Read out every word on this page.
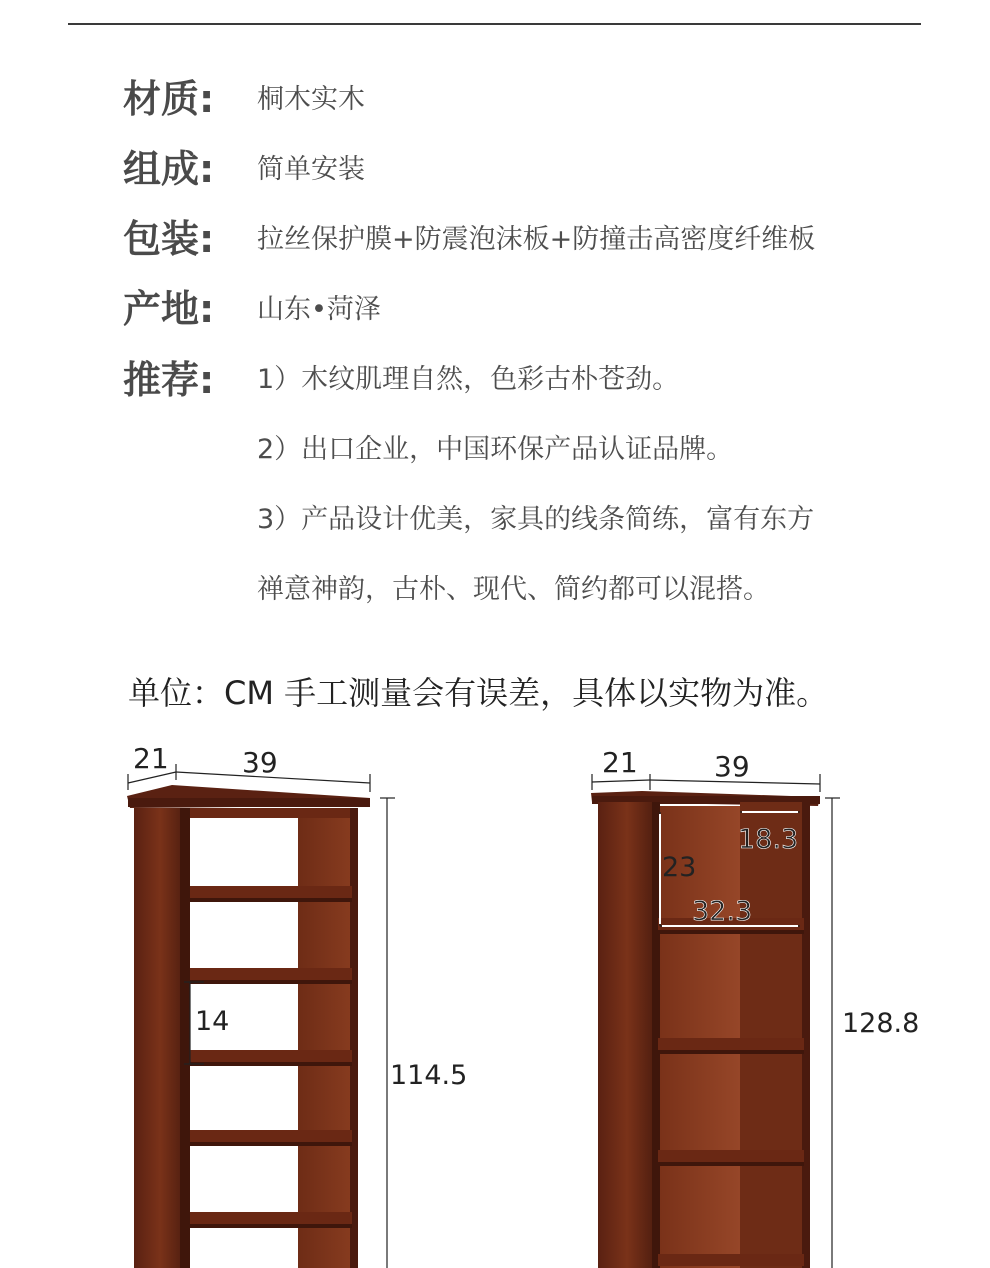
材质: 桐木实木
组成: 简单安装
包装: 拉丝保护膜+防震泡沫板+防撞击高密度纤维板
产地: 山东•菏泽
推荐: 1）木纹肌理自然，色彩古朴苍劲。
2）出口企业，中国环保产品认证品牌。
3）产品设计优美，家具的线条简练，富有东方
禅意神韵，古朴、现代、简约都可以混搭。
单位：CM 手工测量会有误差，具体以实物为准。
21	39
14
114.5
21	39
23
18.3
32.3
128.8
